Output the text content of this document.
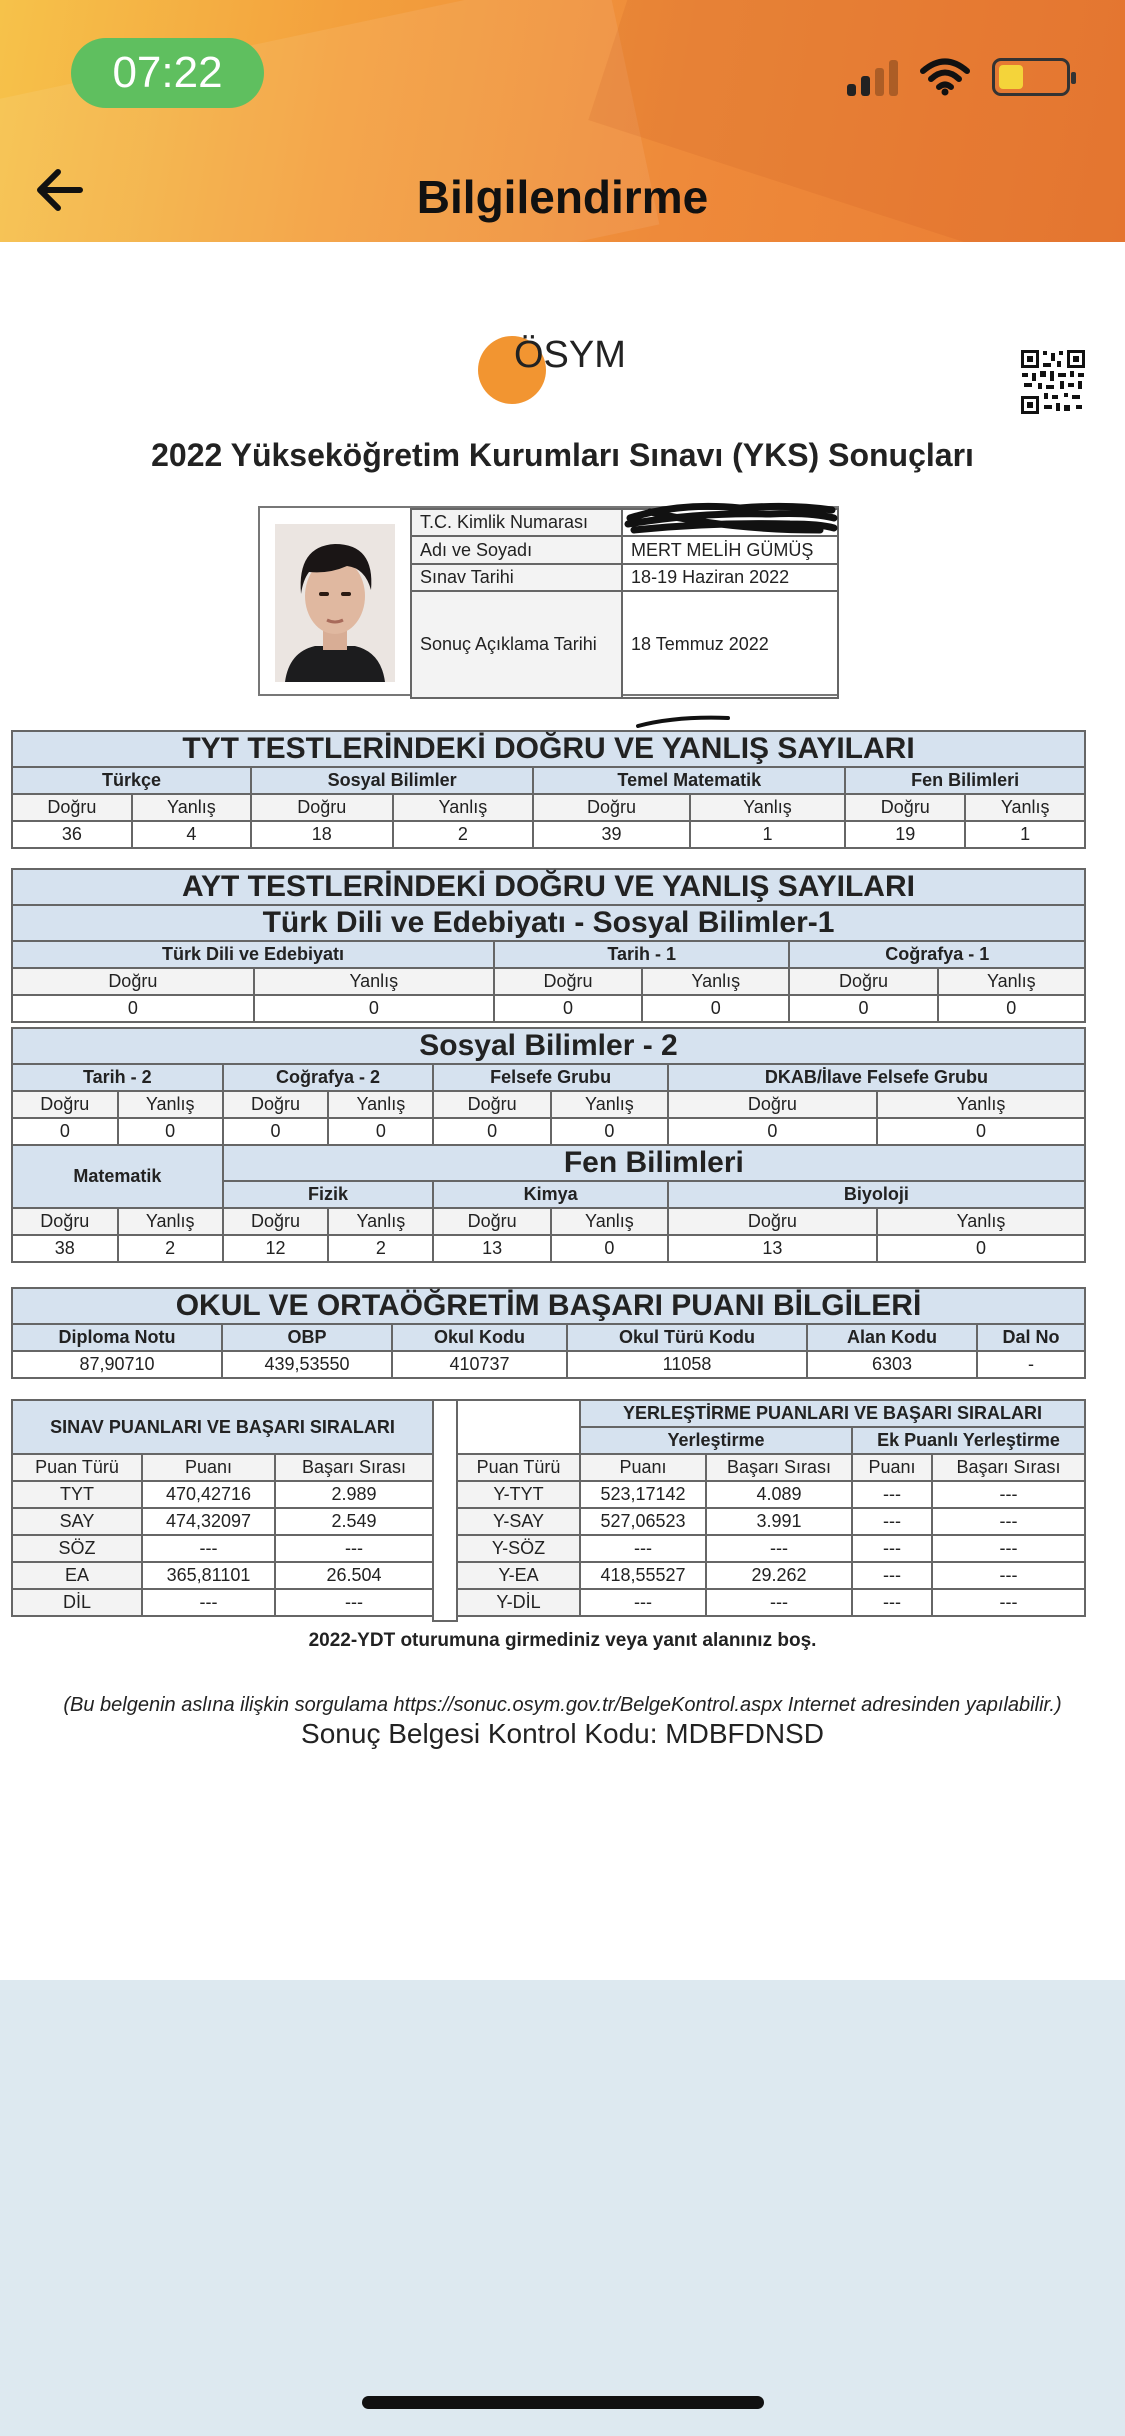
07:22
Bilgilendirme
ÖSYM
2022 Yükseköğretim Kurumları Sınavı (YKS) Sonuçları
T.C. Kimlik Numarası	
Adı ve Soyadı	MERT MELİH GÜMÜŞ
Sınav Tarihi	18-19 Haziran 2022
Sonuç Açıklama Tarihi	18 Temmuz 2022
TYT TESTLERİNDEKİ DOĞRU VE YANLIŞ SAYILARI							
Türkçe		Sosyal Bilimler		Temel Matematik		Fen Bilimleri	
Doğru	Yanlış	Doğru	Yanlış	Doğru	Yanlış	Doğru	Yanlış
36	4	18	2	39	1	19	1
AYT TESTLERİNDEKİ DOĞRU VE YANLIŞ SAYILARI					
Türk Dili ve Edebiyatı - Sosyal Bilimler-1					
Türk Dili ve Edebiyatı		Tarih - 1		Coğrafya - 1	
Doğru	Yanlış	Doğru	Yanlış	Doğru	Yanlış
0	0	0	0	0	0
Sosyal Bilimler - 2							
Tarih - 2		Coğrafya - 2		Felsefe Grubu		DKAB/İlave Felsefe Grubu	
Doğru	Yanlış	Doğru	Yanlış	Doğru	Yanlış	Doğru	Yanlış
0	0	0	0	0	0	0	0
Matematik		Fen Bilimleri					
		Fizik		Kimya		Biyoloji	
Doğru	Yanlış	Doğru	Yanlış	Doğru	Yanlış	Doğru	Yanlış
38	2	12	2	13	0	13	0
OKUL VE ORTAÖĞRETİM BAŞARI PUANI BİLGİLERİ					
Diploma Notu	OBP	Okul Kodu	Okul Türü Kodu	Alan Kodu	Dal No
87,90710	439,53550	410737	11058	6303	-
SINAV PUANLARI VE BAŞARI SIRALARI		
Puan Türü	Puanı	Başarı Sırası
TYT	470,42716	2.989
SAY	474,32097	2.549
SÖZ	---	---
EA	365,81101	26.504
DİL	---	---
	YERLEŞTİRME PUANLARI VE BAŞARI SIRALARI			
	Yerleştirme		Ek Puanlı Yerleştirme	
Puan Türü	Puanı	Başarı Sırası	Puanı	Başarı Sırası
Y-TYT	523,17142	4.089	---	---
Y-SAY	527,06523	3.991	---	---
Y-SÖZ	---	---	---	---
Y-EA	418,55527	29.262	---	---
Y-DİL	---	---	---	---
2022-YDT oturumuna girmediniz veya yanıt alanınız boş.
(Bu belgenin aslına ilişkin sorgulama https://sonuc.osym.gov.tr/BelgeKontrol.aspx Internet adresinden yapılabilir.)
Sonuç Belgesi Kontrol Kodu: MDBFDNSD
